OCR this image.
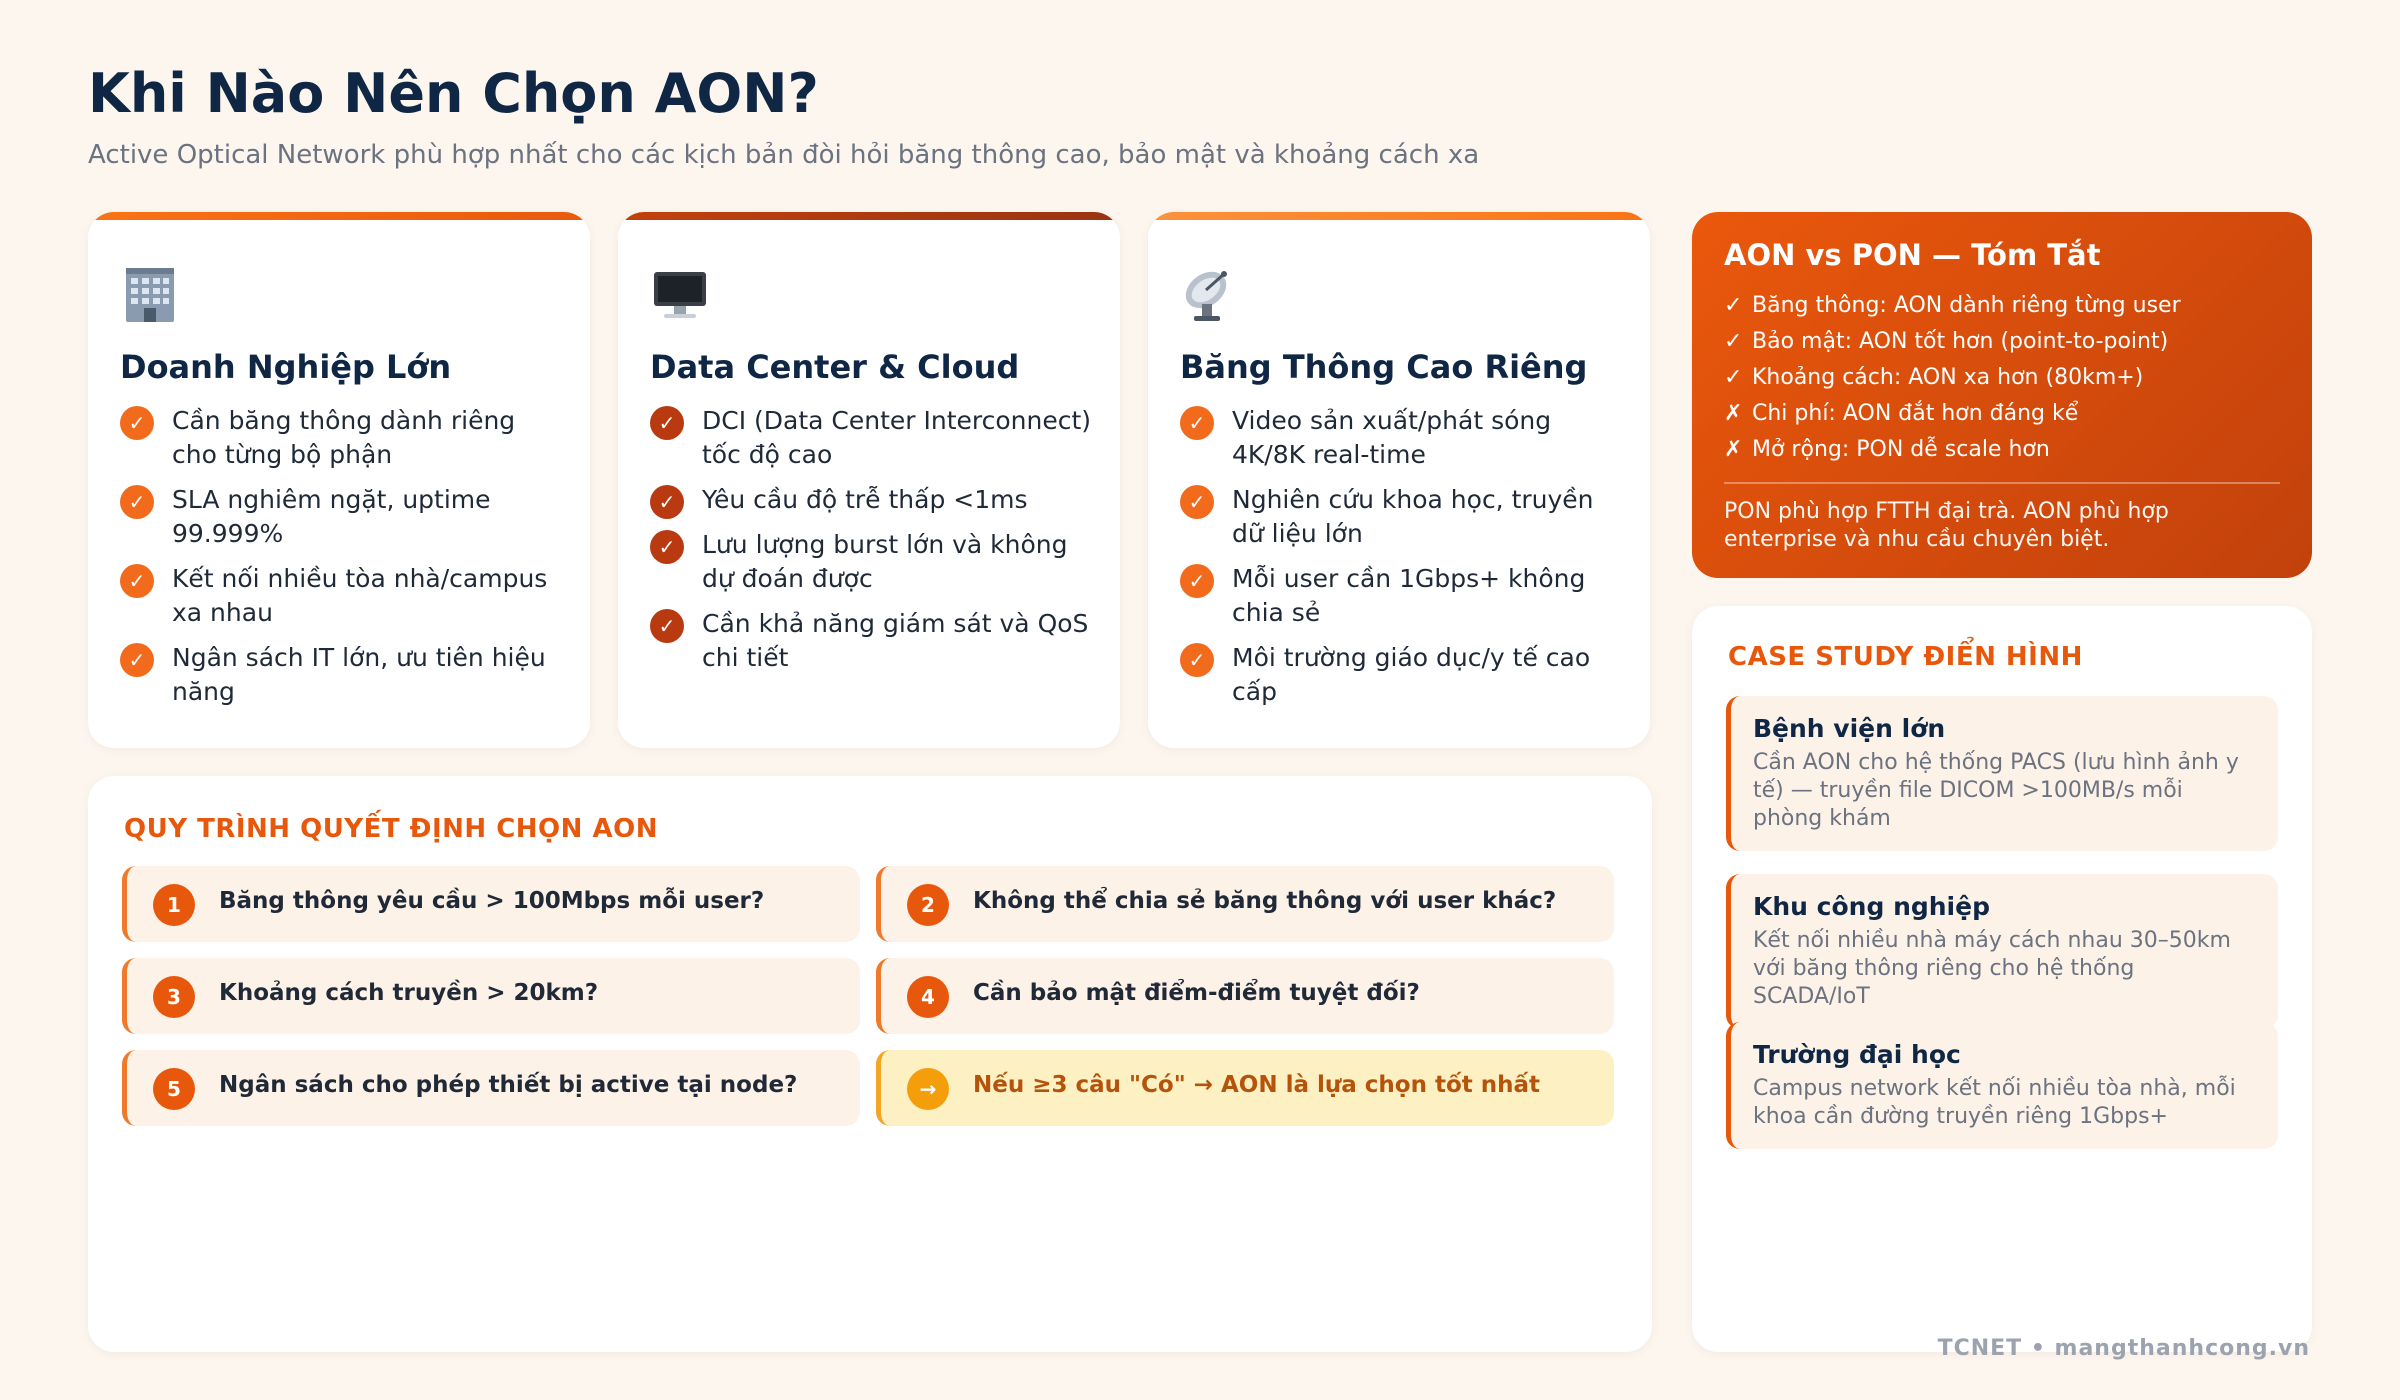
Khi Nào Nên Chọn AON?
Active Optical Network phù hợp nhất cho các kịch bản đòi hỏi băng thông cao, bảo mật và khoảng cách xa
Doanh Nghiệp Lớn
✓	Cần băng thông dành riêng cho từng bộ phận
✓	SLA nghiêm ngặt, uptime 99.999%
✓	Kết nối nhiều tòa nhà/campus xa nhau
✓	Ngân sách IT lớn, ưu tiên hiệu năng
Data Center & Cloud
✓	DCI (Data Center Interconnect) tốc độ cao
✓	Yêu cầu độ trễ thấp <1ms
✓	Lưu lượng burst lớn và không dự đoán được
✓	Cần khả năng giám sát và QoS chi tiết
Băng Thông Cao Riêng
✓	Video sản xuất/phát sóng 4K/8K real-time
✓	Nghiên cứu khoa học, truyền dữ liệu lớn
✓	Mỗi user cần 1Gbps+ không chia sẻ
✓	Môi trường giáo dục/y tế cao cấp
AON vs PON — Tóm Tắt
✓ Băng thông: AON dành riêng từng user
✓ Bảo mật: AON tốt hơn (point-to-point)
✓ Khoảng cách: AON xa hơn (80km+)
✗ Chi phí: AON đắt hơn đáng kể
✗ Mở rộng: PON dễ scale hơn

PON phù hợp FTTH đại trà. AON phù hợp enterprise và nhu cầu chuyên biệt.

QUY TRÌNH QUYẾT ĐỊNH CHỌN AON
1	Băng thông yêu cầu > 100Mbps mỗi user?	2	Không thể chia sẻ băng thông với user khác?
3	Khoảng cách truyền > 20km?	4	Cần bảo mật điểm-điểm tuyệt đối?
5	Ngân sách cho phép thiết bị active tại node?	→	Nếu ≥3 câu "Có" → AON là lựa chọn tốt nhất
CASE STUDY ĐIỂN HÌNH
Bệnh viện lớn

Cần AON cho hệ thống PACS (lưu hình ảnh y tế) — truyền file DICOM >100MB/s mỗi phòng khám

Khu công nghiệp

Kết nối nhiều nhà máy cách nhau 30–50km với băng thông riêng cho hệ thống SCADA/IoT

Trường đại học

Campus network kết nối nhiều tòa nhà, mỗi khoa cần đường truyền riêng 1Gbps+

TCNET • mangthanhcong.vn
